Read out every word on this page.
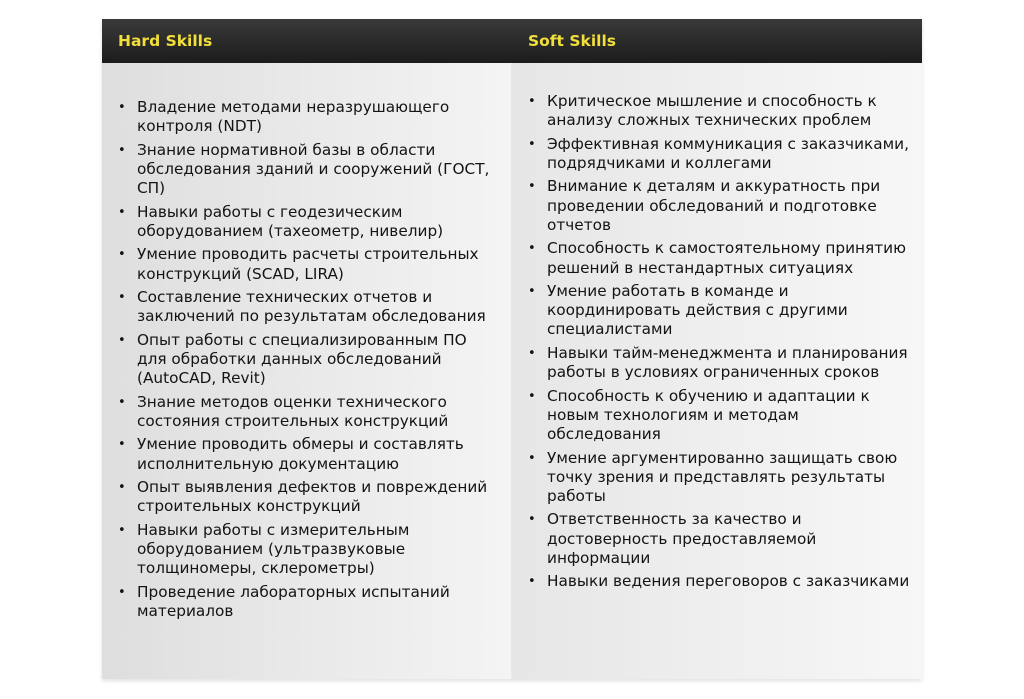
Hard Skills	Soft Skills
• Владение методами неразрушающего контроля (NDT)
• Знание нормативной базы в области обследования зданий и сооружений (ГОСТ, СП)
• Навыки работы с геодезическим оборудованием (тахеометр, нивелир)
• Умение проводить расчеты строительных конструкций (SCAD, LIRA)
• Составление технических отчетов и заключений по результатам обследования
• Опыт работы с специализированным ПО для обработки данных обследований (AutoCAD, Revit)
• Знание методов оценки технического состояния строительных конструкций
• Умение проводить обмеры и составлять исполнительную документацию
• Опыт выявления дефектов и повреждений строительных конструкций
• Навыки работы с измерительным оборудованием (ультразвуковые толщиномеры, склерометры)
• Проведение лабораторных испытаний материалов
• Критическое мышление и способность к анализу сложных технических проблем
• Эффективная коммуникация с заказчиками, подрядчиками и коллегами
• Внимание к деталям и аккуратность при проведении обследований и подготовке отчетов
• Способность к самостоятельному принятию решений в нестандартных ситуациях
• Умение работать в команде и координировать действия с другими специалистами
• Навыки тайм-менеджмента и планирования работы в условиях ограниченных сроков
• Способность к обучению и адаптации к новым технологиям и методам обследования
• Умение аргументированно защищать свою точку зрения и представлять результаты работы
• Ответственность за качество и достоверность предоставляемой информации
• Навыки ведения переговоров с заказчиками
